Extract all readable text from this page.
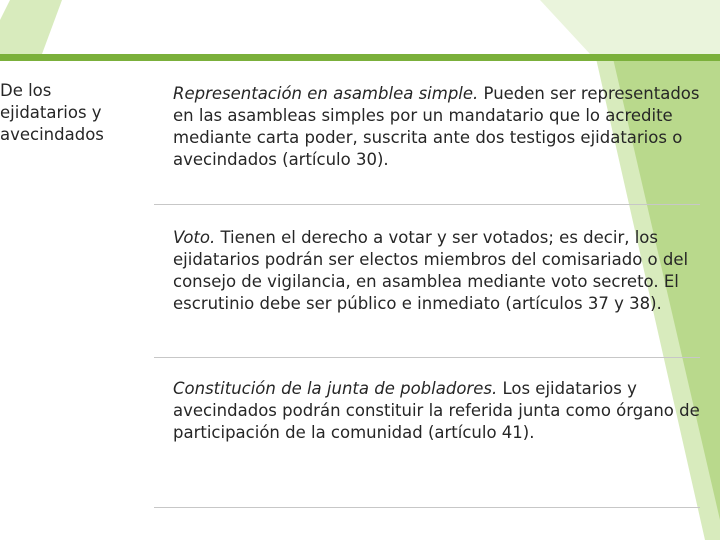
De los
ejidatarios y
avecindados
Representación en asamblea simple. Pueden ser representados en las asambleas simples por un mandatario que lo acredite mediante carta poder, suscrita ante dos testigos ejidatarios o avecindados (artículo 30).
Voto. Tienen el derecho a votar y ser votados; es decir, los ejidatarios podrán ser electos miembros del comisariado o del consejo de vigilancia, en asamblea mediante voto secreto. El escrutinio debe ser público e inmediato (artículos 37 y 38).
Constitución de la junta de pobladores. Los ejidatarios y avecindados podrán constituir la referida junta como órgano de participación de la comunidad (artículo 41).
